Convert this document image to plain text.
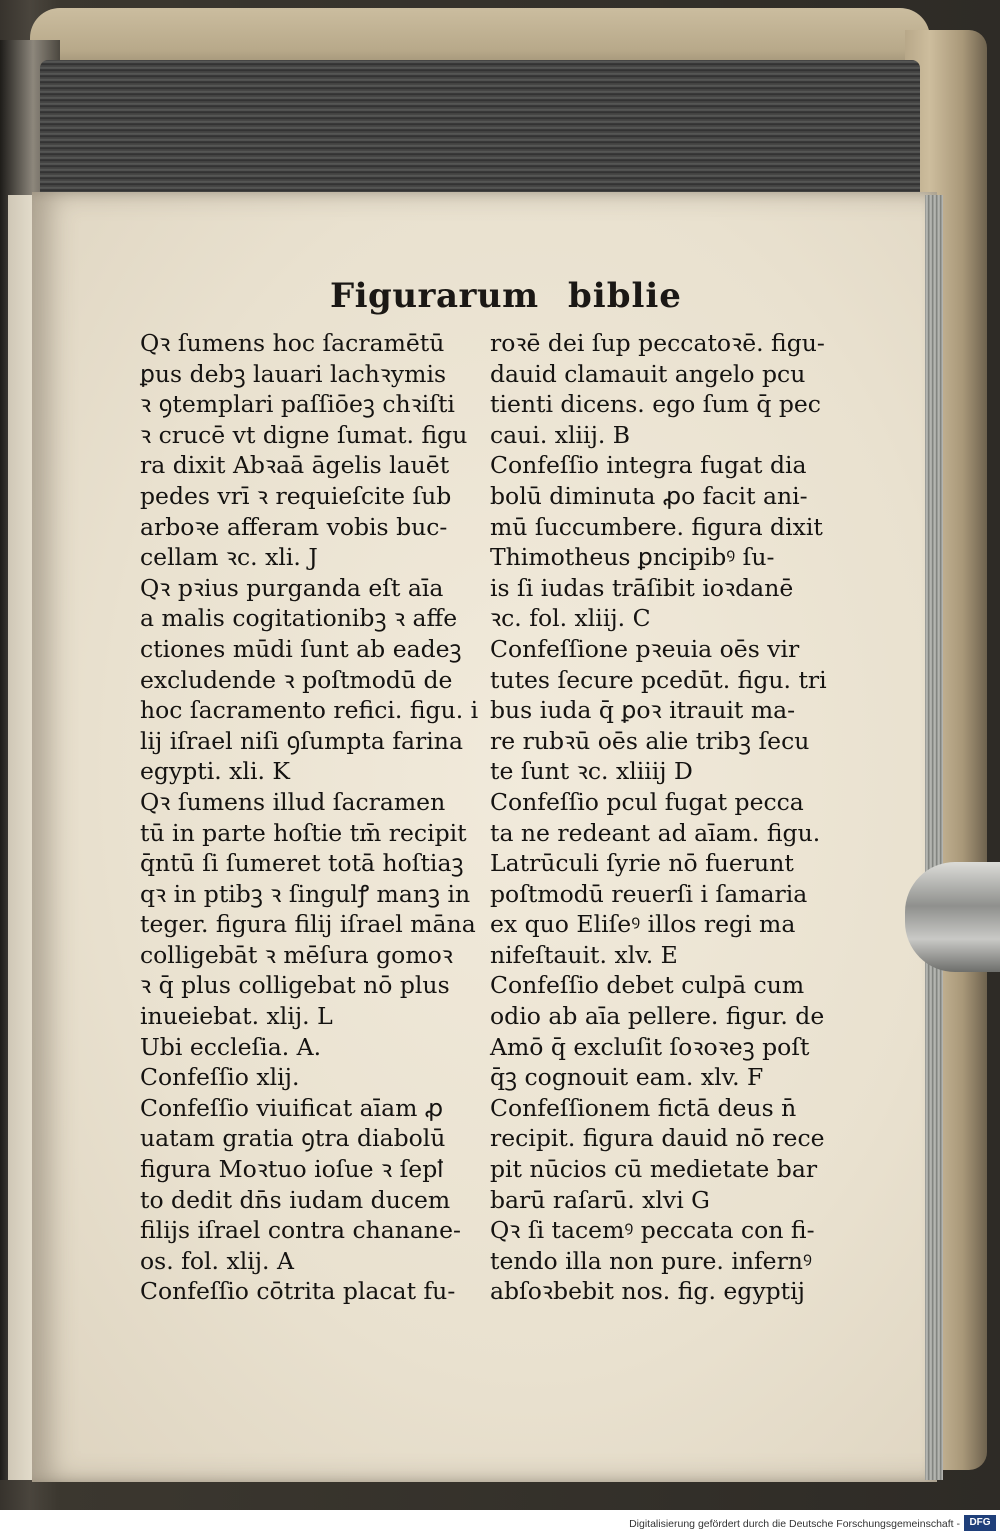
Figurarum biblie
Qꝛ ſumens hoc ſacramētū
ꝑus debꝫ lauari lachꝛymis
ꝛ ꝯtemplari paſſiōeꝫ chꝛiſti
ꝛ crucē vt digne ſumat. figu
ra dixit Abꝛaā āgelis lauēt
pedes vrī ꝛ requieſcite ſub
arboꝛe afferam vobis buc‐
cellam ꝛc. xli. J
Qꝛ pꝛius purganda eſt aīa
a malis cogitationibꝫ ꝛ affe
ctiones mūdi ſunt ab eadeꝫ
excludende ꝛ poſtmodū de
hoc ſacramento refici. figu. i
lij iſrael niſi ꝯſumpta farina
egypti. xli. K
Qꝛ ſumens illud ſacramen
tū in parte hoſtie tm̄ recipit
q̄ntū ſi ſumeret totā hoſtiaꝫ
qꝛ in ptibꝫ ꝛ ſingulꝭ manꝫ in
teger. figura filij iſrael māna
colligebāt ꝛ mēſura gomoꝛ
ꝛ q̄ plus colligebat nō plus
inueiebat. xlij. L
Ubi eccleſia. A.
Confeſſio xlij.
Confeſſio viuificat aīam ꝓ
uatam gratia ꝯtra diabolū
figura Moꝛtuo ioſue ꝛ ſepꝉ
to dedit dn̄s iudam ducem
filijs iſrael contra chanane‐
os. fol. xlij. A
Confeſſio cōtrita placat fu‐
roꝛē dei ſup peccatoꝛē. figu‐
dauid clamauit angelo pcu
tienti dicens. ego ſum q̄ pec
caui. xliij. B
Confeſſio integra fugat dia
bolū diminuta ꝓo facit ani‐
mū ſuccumbere. figura dixit
Thimotheus ꝑncipibꝰ ſu‐
is ſi iudas trāſibit ioꝛdanē
ꝛc. fol. xliij. C
Confeſſione pꝛeuia oēs vir
tutes ſecure pcedūt. figu. tri
bus iuda q̄ ꝑoꝛ itrauit ma‐
re rubꝛū oēs alie tribꝫ ſecu
te ſunt ꝛc. xliiij D
Confeſſio pcul fugat pecca
ta ne redeant ad aīam. figu.
Latrūculi ſyrie nō fuerunt
poſtmodū reuerſi i ſamaria
ex quo Eliſeꝰ illos regi ma
nifeſtauit. xlv. E
Confeſſio debet culpā cum
odio ab aīa pellere. figur. de
Amō q̄ excluſit ſoꝛoꝛeꝫ poſt
q̄ꝫ cognouit eam. xlv. F
Confeſſionem fictā deus n̄
recipit. figura dauid nō rece
pit nūcios cū medietate bar
barū raſarū. xlvi G
Qꝛ ſi tacemꝰ peccata con fi‐
tendo illa non pure. infernꝰ
abſoꝛbebit nos. fig. egyptij
Digitalisierung gefördert durch die Deutsche Forschungsgemeinschaft - DFG
